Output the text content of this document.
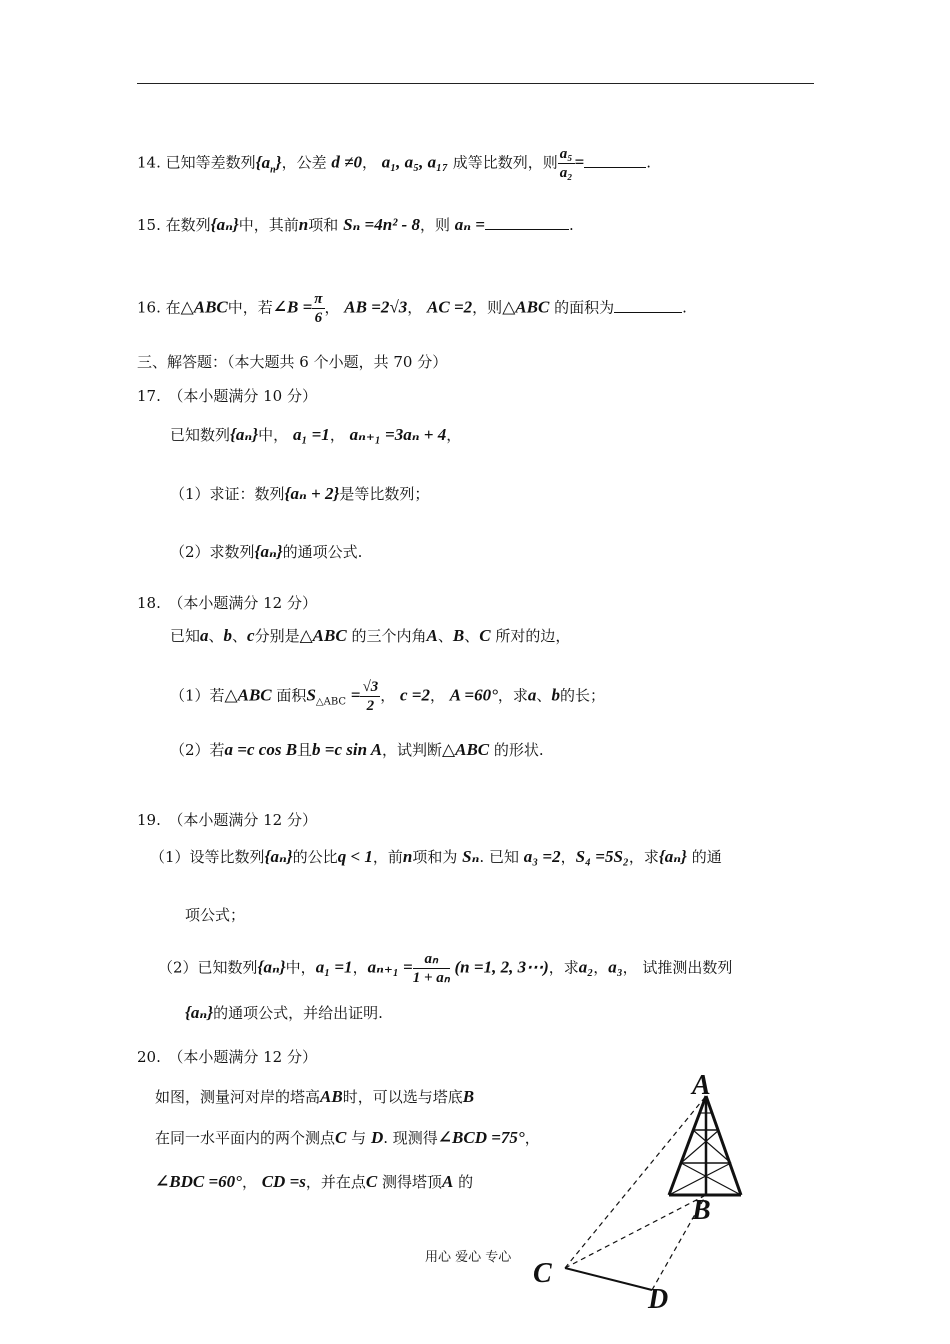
14. 已知等差数列$\{a_n\}$，公差 d ≠0， a₁, a₅, a₁₇ 成等比数列，则 $\frac{\text{a₅}}{\text{a₂}}$ =	.
15. 在数列{aₙ}中，其前n项和 Sₙ =4n² - 8，则 aₙ =	.
16. 在△ABC中，若∠B = $\frac{\pi}{6}$ ， AB =2√3， AC =2，则△ABC 的面积为	.
三、解答题：（本大题共 6 个小题，共 70 分）
17.　（本小题满分 10 分）
已知数列{aₙ}中， a₁ =1， aₙ₊₁ =3aₙ + 4，
（1）求证：数列{aₙ + 2}是等比数列；
（2）求数列{aₙ}的通项公式.
18.　（本小题满分 12 分）
已知a、b、c分别是△ABC 的三个内角A、B、C 所对的边，
（1）若△ABC 面积$S_{\triangle ABC} = \frac{√3}{2}$ ， c =2， A =60°，求a、b的长；
（2）若a =c cos B且b =c sin A，试判断△ABC 的形状.
19.　（本小题满分 12 分）
（1）设等比数列{aₙ}的公比q < 1，前n项和为 Sₙ. 已知 a₃ =2，S₄ =5S₂，求{aₙ} 的通
项公式；
（2）已知数列{aₙ}中，a₁ =1，$a_{n+1} = \frac{\text{aₙ}}{\text{1 + aₙ}} (n =1$, 2, 3⋯)，求a₂，a₃， 试推测出数列
{aₙ}的通项公式，并给出证明.
20.　（本小题满分 12 分）
如图，测量河对岸的塔高AB时，可以选与塔底B
在同一水平面内的两个测点C 与 D. 现测得∠BCD =75°，
∠BDC =60°， CD =s，并在点C 测得塔顶A 的
A
B
C
D
用心 爱心 专心
